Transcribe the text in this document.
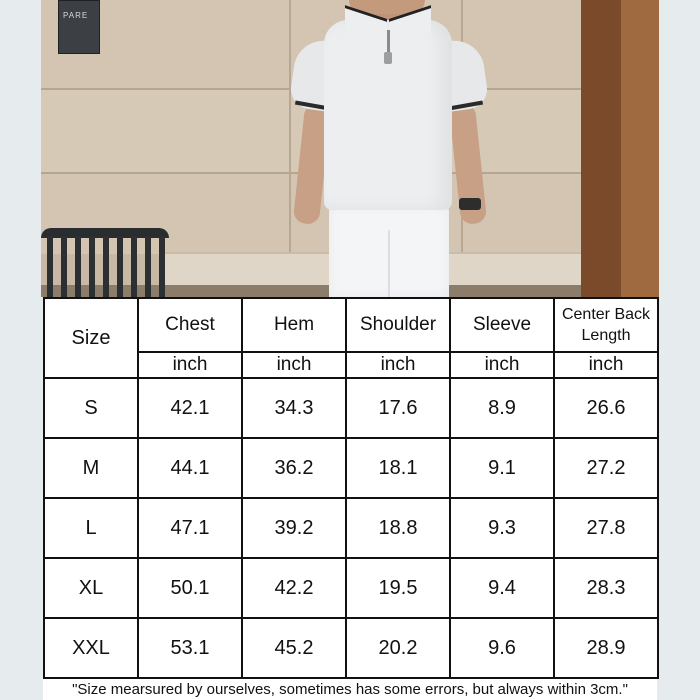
PARE
Size	Chest	Hem	Shoulder	Sleeve	Center Back
Length
	inch	inch	inch	inch	inch
S	42.1	34.3	17.6	8.9	26.6
M	44.1	36.2	18.1	9.1	27.2
L	47.1	39.2	18.8	9.3	27.8
XL	50.1	42.2	19.5	9.4	28.3
XXL	53.1	45.2	20.2	9.6	28.9
"Size mearsured by ourselves, sometimes has some errors, but always within 3cm."
